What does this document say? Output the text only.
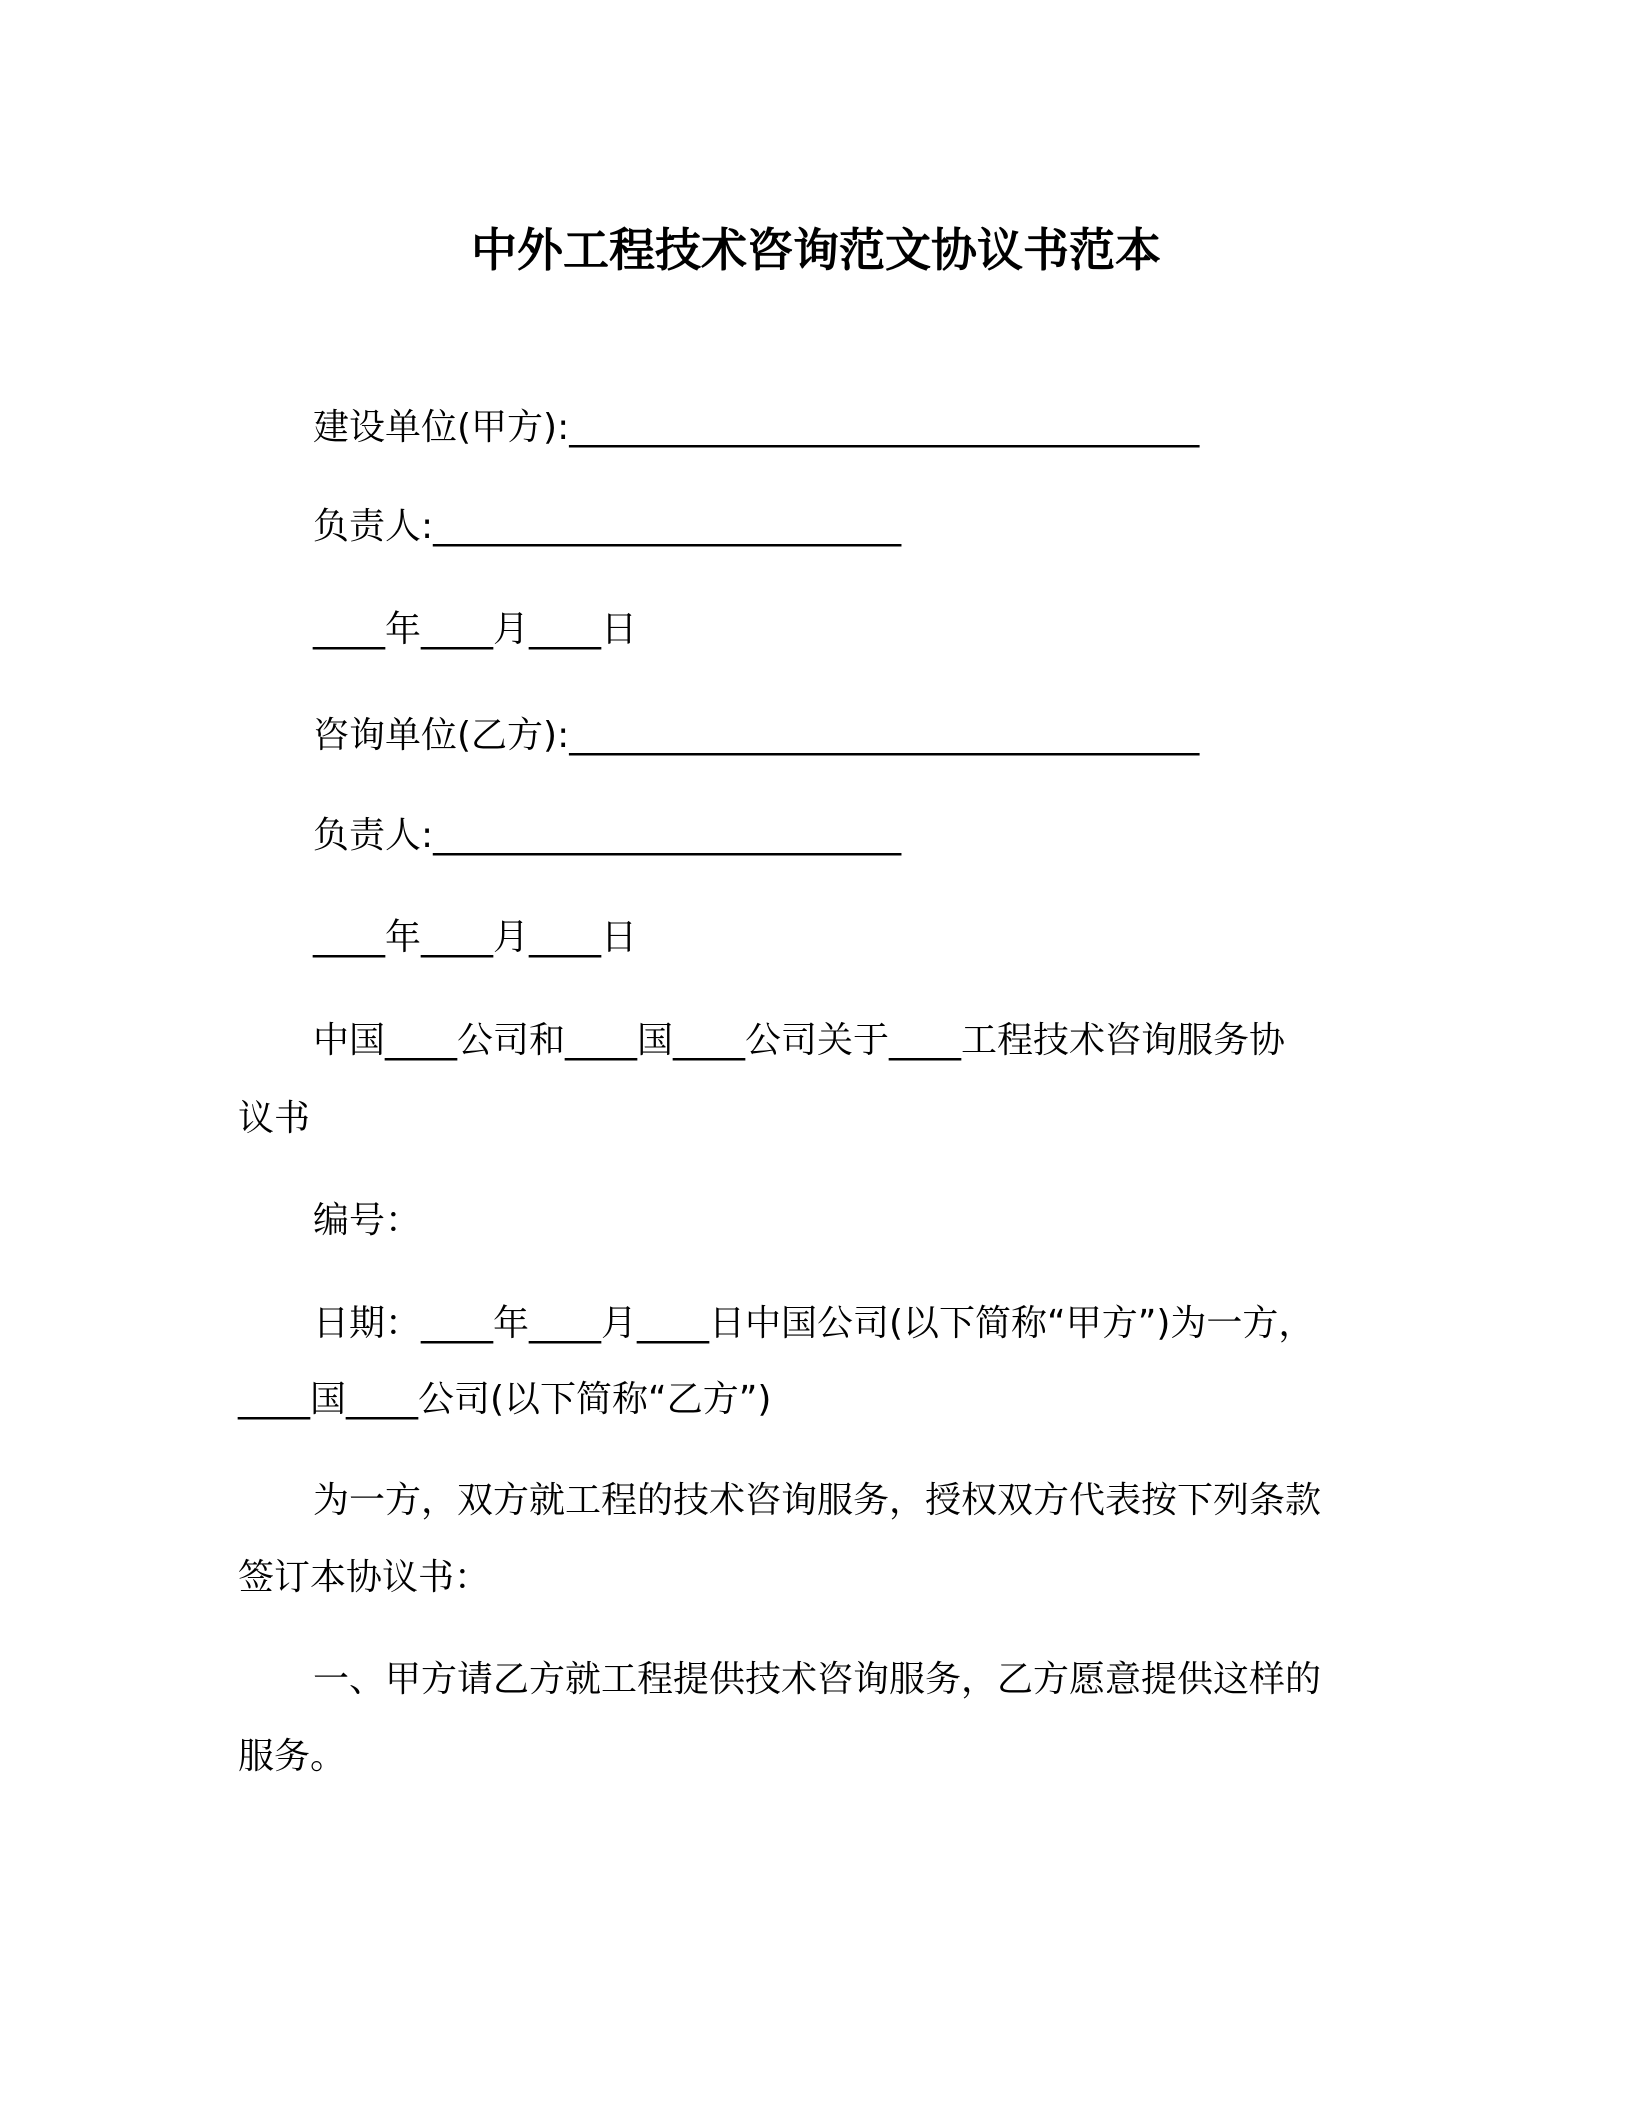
中外工程技术咨询范文协议书范本
建设单位(甲方):___________________________________
负责人:__________________________
____年____月____日
咨询单位(乙方):___________________________________
负责人:__________________________
____年____月____日
中国____公司和____国____公司关于____工程技术咨询服务协
议书
编号：
日期：____年____月____日中国公司(以下简称“甲方”)为一方，
____国____公司(以下简称“乙方”)
为一方，双方就工程的技术咨询服务，授权双方代表按下列条款
签订本协议书：
一、甲方请乙方就工程提供技术咨询服务，乙方愿意提供这样的
服务。
